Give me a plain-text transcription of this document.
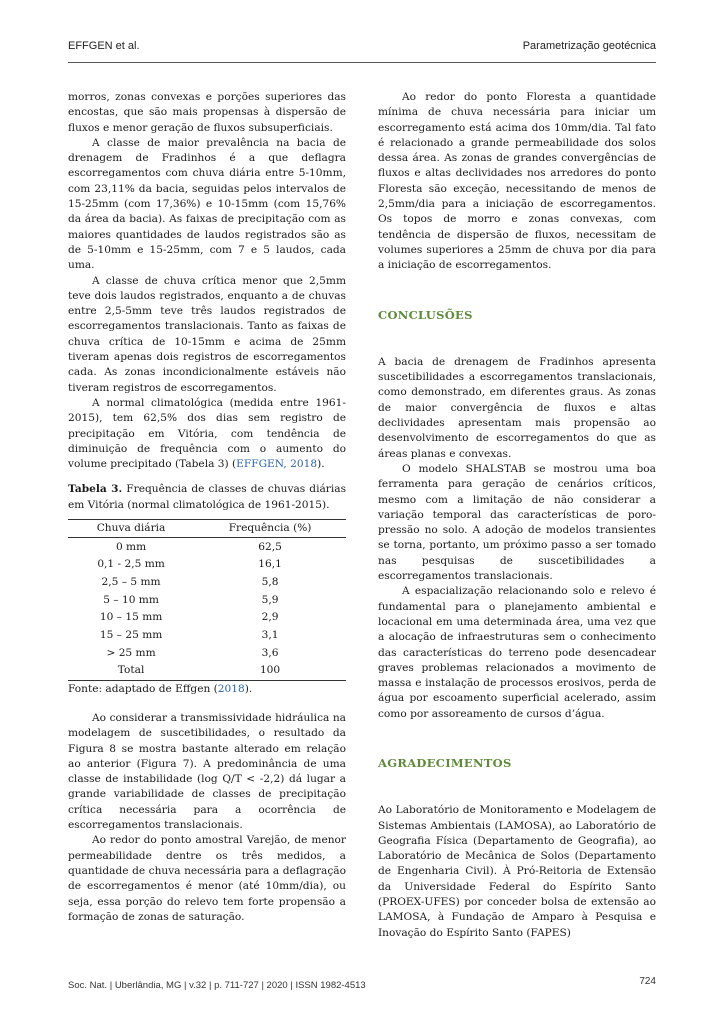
EFFGEN et al.	Parametrização geotécnica

morros, zonas convexas e porções superiores das encostas, que são mais propensas à dispersão de fluxos e menor geração de fluxos subsuperficiais.

A classe de maior prevalência na bacia de drenagem de Fradinhos é a que deflagra escorregamentos com chuva diária entre 5-10mm, com 23,11% da bacia, seguidas pelos intervalos de 15-25mm (com 17,36%) e 10-15mm (com 15,76% da área da bacia). As faixas de precipitação com as maiores quantidades de laudos registrados são as de 5-10mm e 15-25mm, com 7 e 5 laudos, cada uma.

A classe de chuva crítica menor que 2,5mm teve dois laudos registrados, enquanto a de chuvas entre 2,5-5mm teve três laudos registrados de escorregamentos translacionais. Tanto as faixas de chuva crítica de 10-15mm e acima de 25mm tiveram apenas dois registros de escorregamentos cada. As zonas incondicionalmente estáveis não tiveram registros de escorregamentos.

A normal climatológica (medida entre 1961-2015), tem 62,5% dos dias sem registro de precipitação em Vitória, com tendência de diminuição de frequência com o aumento do volume precipitado (Tabela 3) (EFFGEN, 2018).

Tabela 3. Frequência de classes de chuvas diárias em Vitória (normal climatológica de 1961-2015).

Chuva diária	Frequência (%)
0 mm	62,5
0,1 - 2,5 mm	16,1
2,5 – 5 mm	5,8
5 – 10 mm	5,9
10 – 15 mm	2,9
15 – 25 mm	3,1
> 25 mm	3,6
Total	100

Fonte: adaptado de Effgen (2018).

Ao considerar a transmissividade hidráulica na modelagem de suscetibilidades, o resultado da Figura 8 se mostra bastante alterado em relação ao anterior (Figura 7). A predominância de uma classe de instabilidade (log Q/T < -2,2) dá lugar a grande variabilidade de classes de precipitação crítica necessária para a ocorrência de escorregamentos translacionais.

Ao redor do ponto amostral Varejão, de menor permeabilidade dentre os três medidos, a quantidade de chuva necessária para a deflagração de escorregamentos é menor (até 10mm/dia), ou seja, essa porção do relevo tem forte propensão a formação de zonas de saturação.

Ao redor do ponto Floresta a quantidade mínima de chuva necessária para iniciar um escorregamento está acima dos 10mm/dia. Tal fato é relacionado a grande permeabilidade dos solos dessa área. As zonas de grandes convergências de fluxos e altas declividades nos arredores do ponto Floresta são exceção, necessitando de menos de 2,5mm/dia para a iniciação de escorregamentos. Os topos de morro e zonas convexas, com tendência de dispersão de fluxos, necessitam de volumes superiores a 25mm de chuva por dia para a iniciação de escorregamentos.

CONCLUSÕES

A bacia de drenagem de Fradinhos apresenta suscetibilidades a escorregamentos translacionais, como demonstrado, em diferentes graus. As zonas de maior convergência de fluxos e altas declividades apresentam mais propensão ao desenvolvimento de escorregamentos do que as áreas planas e convexas.

O modelo SHALSTAB se mostrou uma boa ferramenta para geração de cenários críticos, mesmo com a limitação de não considerar a variação temporal das características de poro-pressão no solo. A adoção de modelos transientes se torna, portanto, um próximo passo a ser tomado nas pesquisas de suscetibilidades a escorregamentos translacionais.

A espacialização relacionando solo e relevo é fundamental para o planejamento ambiental e locacional em uma determinada área, uma vez que a alocação de infraestruturas sem o conhecimento das características do terreno pode desencadear graves problemas relacionados a movimento de massa e instalação de processos erosivos, perda de água por escoamento superficial acelerado, assim como por assoreamento de cursos d’água.

AGRADECIMENTOS

Ao Laboratório de Monitoramento e Modelagem de Sistemas Ambientais (LAMOSA), ao Laboratório de Geografia Física (Departamento de Geografia), ao Laboratório de Mecânica de Solos (Departamento de Engenharia Civil). À Pró-Reitoria de Extensão da Universidade Federal do Espírito Santo (PROEX-UFES) por conceder bolsa de extensão ao LAMOSA, à Fundação de Amparo à Pesquisa e Inovação do Espírito Santo (FAPES)

Soc. Nat. | Uberlândia, MG | v.32 | p. 711-727 | 2020 | ISSN 1982-4513	724
